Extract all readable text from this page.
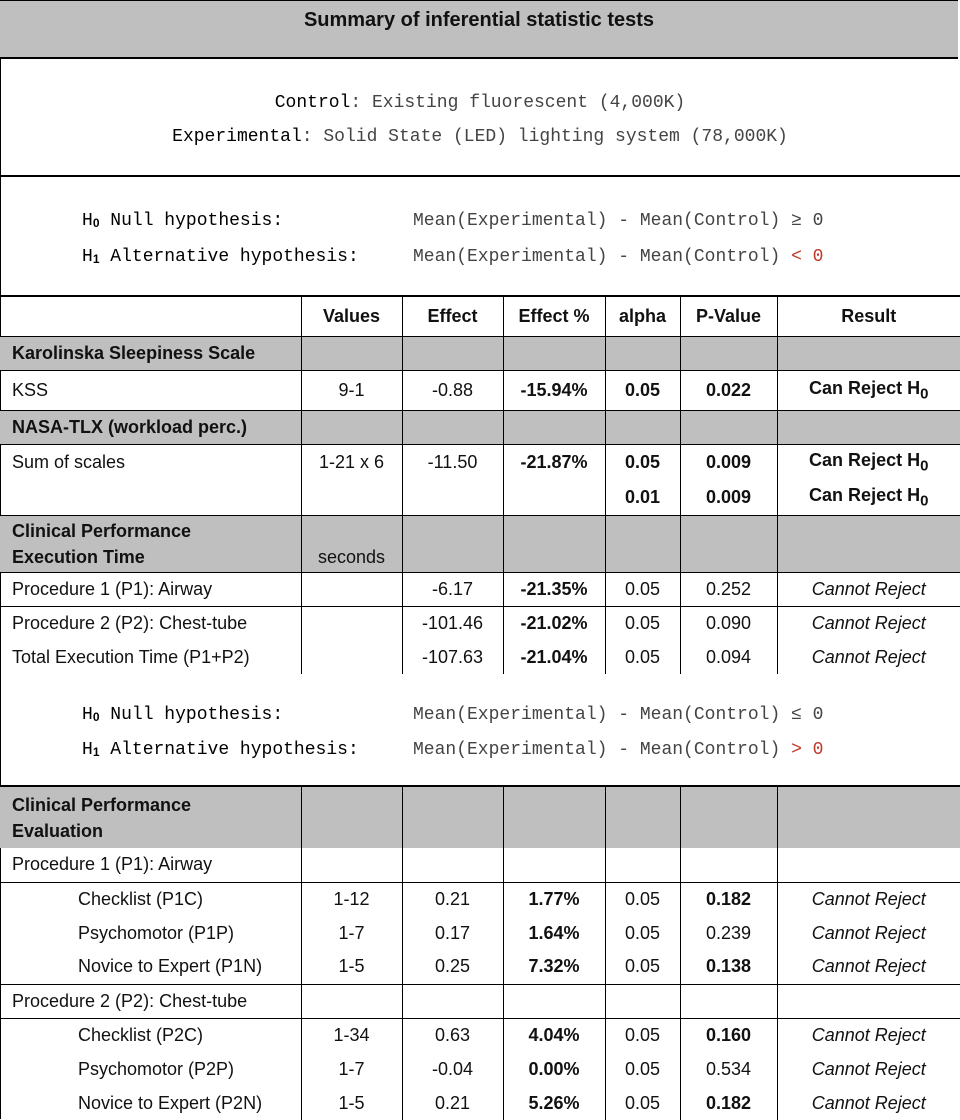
Summary of inferential statistic tests
Control: Existing fluorescent (4,000K)
Experimental: Solid State (LED) lighting system (78,000K)
$H_0$ Null hypothesis:	Mean(Experimental) - Mean(Control) ≥ 0
$H_1$ Alternative hypothesis:	Mean(Experimental) - Mean(Control) < 0
	Values	Effect	Effect %	alpha	P-Value	Result
Karolinska Sleepiness Scale						
KSS	9-1	-0.88	-15.94%	0.05	0.022	Can Reject $H_0$
NASA-TLX (workload perc.)						
Sum of scales	1-21 x 6	-11.50	-21.87%	0.05	0.009	Can Reject $H_0$
				0.01	0.009	Can Reject $H_0$
Clinical Performance
Execution Time	seconds					
Procedure 1 (P1): Airway		-6.17	-21.35%	0.05	0.252	Cannot Reject
Procedure 2 (P2): Chest-tube		-101.46	-21.02%	0.05	0.090	Cannot Reject
Total Execution Time (P1+P2)		-107.63	-21.04%	0.05	0.094	Cannot Reject
$H_0$ Null hypothesis:	Mean(Experimental) - Mean(Control) ≤ 0
$H_1$ Alternative hypothesis:	Mean(Experimental) - Mean(Control) > 0
Clinical Performance
Evaluation						
Procedure 1 (P1): Airway						
Checklist (P1C)	1-12	0.21	1.77%	0.05	0.182	Cannot Reject
Psychomotor (P1P)	1-7	0.17	1.64%	0.05	0.239	Cannot Reject
Novice to Expert (P1N)	1-5	0.25	7.32%	0.05	0.138	Cannot Reject
Procedure 2 (P2): Chest-tube						
Checklist (P2C)	1-34	0.63	4.04%	0.05	0.160	Cannot Reject
Psychomotor (P2P)	1-7	-0.04	0.00%	0.05	0.534	Cannot Reject
Novice to Expert (P2N)	1-5	0.21	5.26%	0.05	0.182	Cannot Reject
